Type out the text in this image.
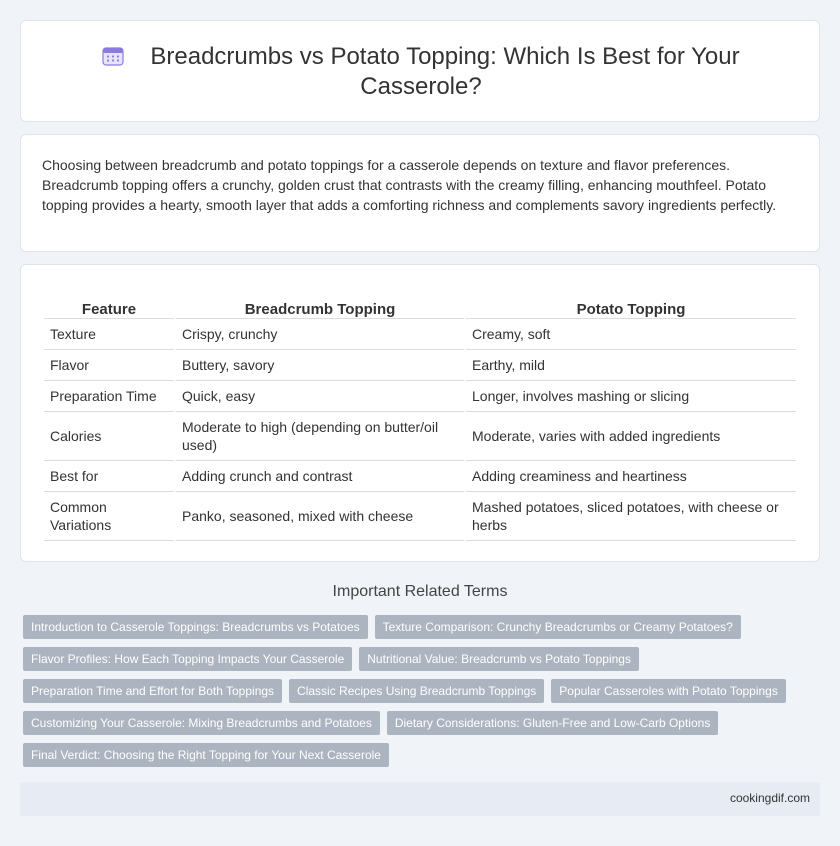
Breadcrumbs vs Potato Topping: Which Is Best for Your Casserole?

Choosing between breadcrumb and potato toppings for a casserole depends on texture and flavor preferences. Breadcrumb topping offers a crunchy, golden crust that contrasts with the creamy filling, enhancing mouthfeel. Potato topping provides a hearty, smooth layer that adds a comforting richness and complements savory ingredients perfectly.

Feature	Breadcrumb Topping	Potato Topping
Texture	Crispy, crunchy	Creamy, soft
Flavor	Buttery, savory	Earthy, mild
Preparation Time	Quick, easy	Longer, involves mashing or slicing
Calories	Moderate to high (depending on butter/oil used)	Moderate, varies with added ingredients
Best for	Adding crunch and contrast	Adding creaminess and heartiness
Common Variations	Panko, seasoned, mixed with cheese	Mashed potatoes, sliced potatoes, with cheese or herbs
Important Related Terms
Introduction to Casserole Toppings: Breadcrumbs vs Potatoes	Texture Comparison: Crunchy Breadcrumbs or Creamy Potatoes?
Flavor Profiles: How Each Topping Impacts Your Casserole	Nutritional Value: Breadcrumb vs Potato Toppings
Preparation Time and Effort for Both Toppings	Classic Recipes Using Breadcrumb Toppings	Popular Casseroles with Potato Toppings
Customizing Your Casserole: Mixing Breadcrumbs and Potatoes	Dietary Considerations: Gluten-Free and Low-Carb Options
Final Verdict: Choosing the Right Topping for Your Next Casserole
cookingdif.com
